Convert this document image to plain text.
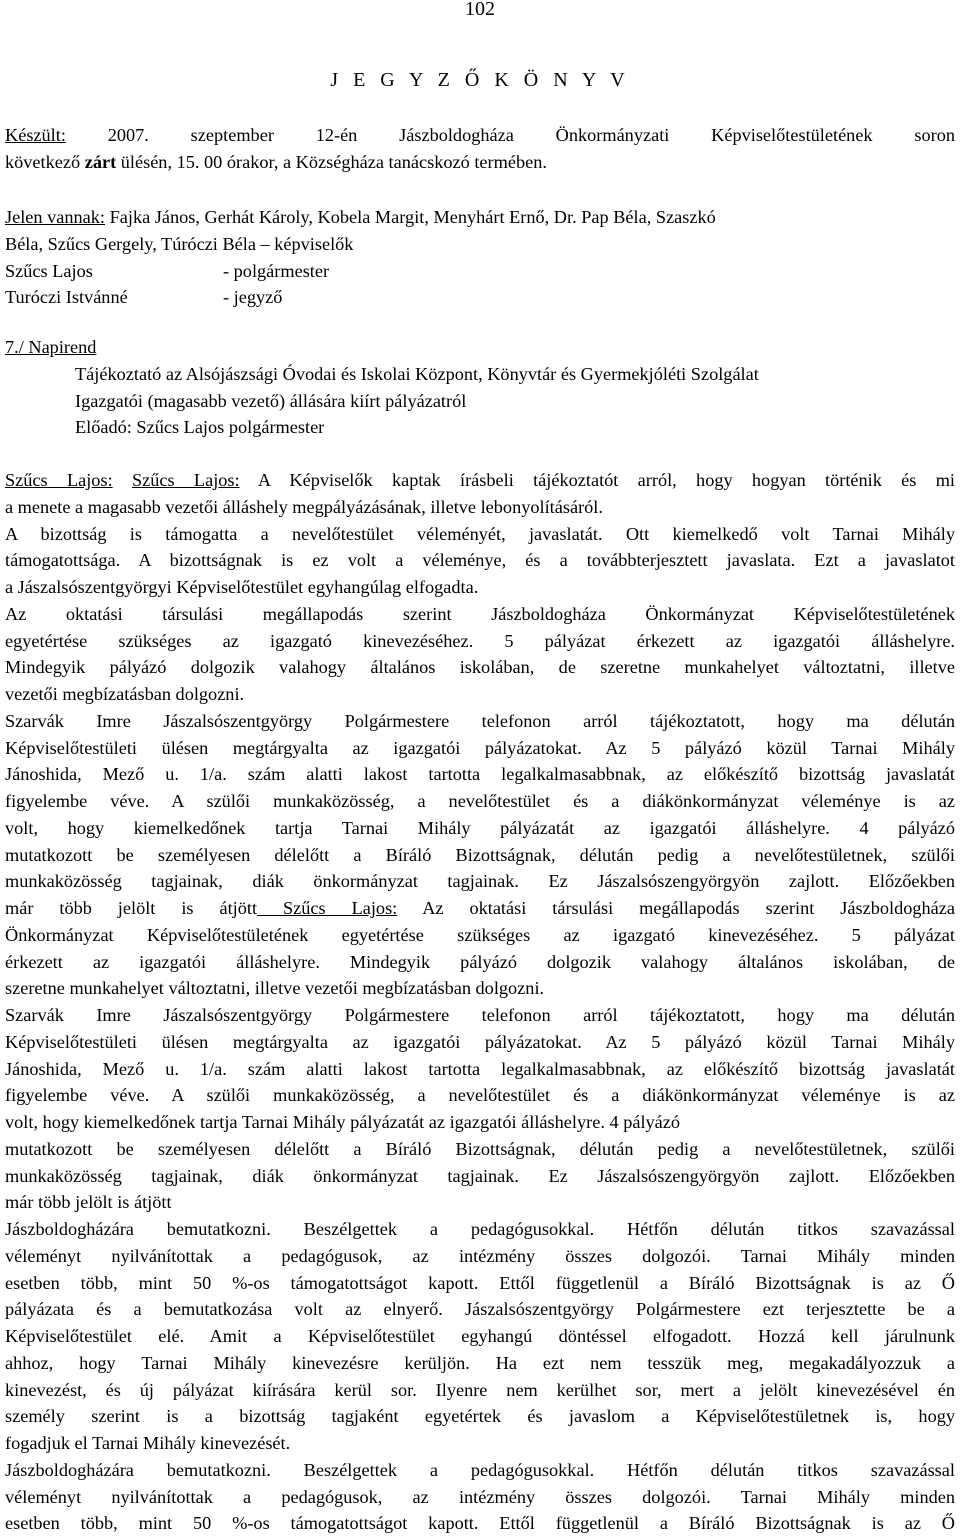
102
J E G Y Z Ő K Ö N Y V
Készült: 2007. szeptember 12-én Jászboldogháza Önkormányzati Képviselőtestületének soron
következő zárt ülésén, 15. 00 órakor, a Községháza tanácskozó termében.
Jelen vannak: Fajka János, Gerhát Károly, Kobela Margit, Menyhárt Ernő, Dr. Pap Béla, Szaszkó
Béla, Szűcs Gergely, Túróczi Béla – képviselők
Szűcs Lajos	- polgármester
Turóczi Istvánné	- jegyző
7./ Napirend
Tájékoztató az Alsójászsági Óvodai és Iskolai Központ, Könyvtár és Gyermekjóléti Szolgálat
Igazgatói (magasabb vezető) állására kiírt pályázatról
Előadó: Szűcs Lajos polgármester
Szűcs Lajos: Szűcs Lajos: A Képviselők kaptak írásbeli tájékoztatót arról, hogy hogyan történik és mi
a menete a magasabb vezetői álláshely megpályázásának, illetve lebonyolításáról.
A bizottság is támogatta a nevelőtestület véleményét, javaslatát. Ott kiemelkedő volt Tarnai Mihály
támogatottsága. A bizottságnak is ez volt a véleménye, és a továbbterjesztett javaslata. Ezt a javaslatot
a Jászalsószentgyörgyi Képviselőtestület egyhangúlag elfogadta.
Az oktatási társulási megállapodás szerint Jászboldogháza Önkormányzat Képviselőtestületének
egyetértése szükséges az igazgató kinevezéséhez. 5 pályázat érkezett az igazgatói álláshelyre.
Mindegyik pályázó dolgozik valahogy általános iskolában, de szeretne munkahelyet változtatni, illetve
vezetői megbízatásban dolgozni.
Szarvák Imre Jászalsószentgyörgy Polgármestere telefonon arról tájékoztatott, hogy ma délután
Képviselőtestületi ülésen megtárgyalta az igazgatói pályázatokat. Az 5 pályázó közül Tarnai Mihály
Jánoshida, Mező u. 1/a. szám alatti lakost tartotta legalkalmasabbnak, az előkészítő bizottság javaslatát
figyelembe véve. A szülői munkaközösség, a nevelőtestület és a diákönkormányzat véleménye is az
volt, hogy kiemelkedőnek tartja Tarnai Mihály pályázatát az igazgatói álláshelyre. 4 pályázó
mutatkozott be személyesen délelőtt a Bíráló Bizottságnak, délután pedig a nevelőtestületnek, szülői
munkaközösség tagjainak, diák önkormányzat tagjainak. Ez Jászalsószengyörgyön zajlott. Előzőekben
már több jelölt is átjött Szűcs Lajos: Az oktatási társulási megállapodás szerint Jászboldogháza
Önkormányzat Képviselőtestületének egyetértése szükséges az igazgató kinevezéséhez. 5 pályázat
érkezett az igazgatói álláshelyre. Mindegyik pályázó dolgozik valahogy általános iskolában, de
szeretne munkahelyet változtatni, illetve vezetői megbízatásban dolgozni.
Szarvák Imre Jászalsószentgyörgy Polgármestere telefonon arról tájékoztatott, hogy ma délután
Képviselőtestületi ülésen megtárgyalta az igazgatói pályázatokat. Az 5 pályázó közül Tarnai Mihály
Jánoshida, Mező u. 1/a. szám alatti lakost tartotta legalkalmasabbnak, az előkészítő bizottság javaslatát
figyelembe véve. A szülői munkaközösség, a nevelőtestület és a diákönkormányzat véleménye is az
volt, hogy kiemelkedőnek tartja Tarnai Mihály pályázatát az igazgatói álláshelyre. 4 pályázó
mutatkozott be személyesen délelőtt a Bíráló Bizottságnak, délután pedig a nevelőtestületnek, szülői
munkaközösség tagjainak, diák önkormányzat tagjainak. Ez Jászalsószengyörgyön zajlott. Előzőekben
már több jelölt is átjött
Jászboldogházára bemutatkozni. Beszélgettek a pedagógusokkal. Hétfőn délután titkos szavazással
véleményt nyilvánítottak a pedagógusok, az intézmény összes dolgozói. Tarnai Mihály minden
esetben több, mint 50 %-os támogatottságot kapott. Ettől függetlenül a Bíráló Bizottságnak is az Ő
pályázata és a bemutatkozása volt az elnyerő. Jászalsószentgyörgy Polgármestere ezt terjesztette be a
Képviselőtestület elé. Amit a Képviselőtestület egyhangú döntéssel elfogadott. Hozzá kell járulnunk
ahhoz, hogy Tarnai Mihály kinevezésre kerüljön. Ha ezt nem tesszük meg, megakadályozzuk a
kinevezést, és új pályázat kiírására kerül sor. Ilyenre nem kerülhet sor, mert a jelölt kinevezésével én
személy szerint is a bizottság tagjaként egyetértek és javaslom a Képviselőtestületnek is, hogy
fogadjuk el Tarnai Mihály kinevezését.
Jászboldogházára bemutatkozni. Beszélgettek a pedagógusokkal. Hétfőn délután titkos szavazással
véleményt nyilvánítottak a pedagógusok, az intézmény összes dolgozói. Tarnai Mihály minden
esetben több, mint 50 %-os támogatottságot kapott. Ettől függetlenül a Bíráló Bizottságnak is az Ő
